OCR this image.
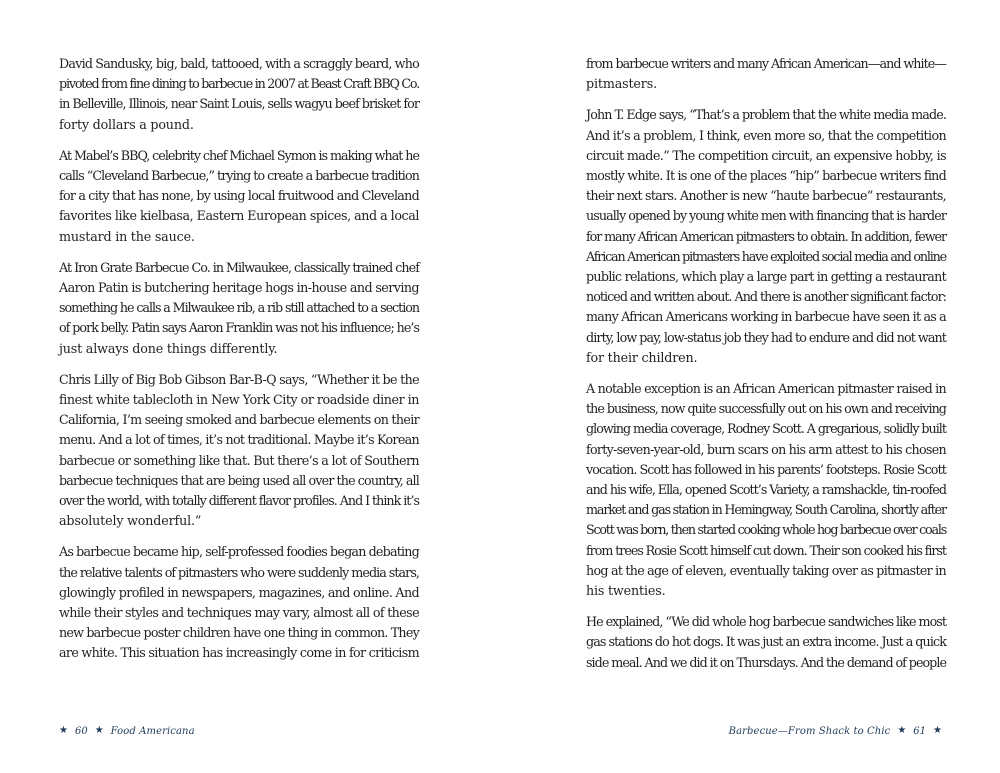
David Sandusky, big, bald, tattooed, with a scraggly beard, who
pivoted from fine dining to barbecue in 2007 at Beast Craft BBQ Co.
in Belleville, Illinois, near Saint Louis, sells wagyu beef brisket for
forty dollars a pound.

At Mabel’s BBQ, celebrity chef Michael Symon is making what he
calls “Cleveland Barbecue,” trying to create a barbecue tradition
for a city that has none, by using local fruitwood and Cleveland
favorites like kielbasa, Eastern European spices, and a local
mustard in the sauce.

At Iron Grate Barbecue Co. in Milwaukee, classically trained chef
Aaron Patin is butchering heritage hogs in-house and serving
something he calls a Milwaukee rib, a rib still attached to a section
of pork belly. Patin says Aaron Franklin was not his influence; he’s
just always done things differently.

Chris Lilly of Big Bob Gibson Bar-B-Q says, “Whether it be the
finest white tablecloth in New York City or roadside diner in
California, I’m seeing smoked and barbecue elements on their
menu. And a lot of times, it’s not traditional. Maybe it’s Korean
barbecue or something like that. But there’s a lot of Southern
barbecue techniques that are being used all over the country, all
over the world, with totally different flavor profiles. And I think it’s
absolutely wonderful.”

As barbecue became hip, self-professed foodies began debating
the relative talents of pitmasters who were suddenly media stars,
glowingly profiled in newspapers, magazines, and online. And
while their styles and techniques may vary, almost all of these
new barbecue poster children have one thing in common. They
are white. This situation has increasingly come in for criticism

★ 60 ★ Food Americana

from barbecue writers and many African American—and white—
pitmasters.

John T. Edge says, “That’s a problem that the white media made.
And it’s a problem, I think, even more so, that the competition
circuit made.” The competition circuit, an expensive hobby, is
mostly white. It is one of the places “hip” barbecue writers find
their next stars. Another is new “haute barbecue” restaurants,
usually opened by young white men with financing that is harder
for many African American pitmasters to obtain. In addition, fewer
African American pitmasters have exploited social media and online
public relations, which play a large part in getting a restaurant
noticed and written about. And there is another significant factor:
many African Americans working in barbecue have seen it as a
dirty, low pay, low-status job they had to endure and did not want
for their children.

A notable exception is an African American pitmaster raised in
the business, now quite successfully out on his own and receiving
glowing media coverage, Rodney Scott. A gregarious, solidly built
forty-seven-year-old, burn scars on his arm attest to his chosen
vocation. Scott has followed in his parents’ footsteps. Rosie Scott
and his wife, Ella, opened Scott’s Variety, a ramshackle, tin-roofed
market and gas station in Hemingway, South Carolina, shortly after
Scott was born, then started cooking whole hog barbecue over coals
from trees Rosie Scott himself cut down. Their son cooked his first
hog at the age of eleven, eventually taking over as pitmaster in
his twenties.

He explained, “We did whole hog barbecue sandwiches like most
gas stations do hot dogs. It was just an extra income. Just a quick
side meal. And we did it on Thursdays. And the demand of people

Barbecue—From Shack to Chic ★ 61 ★
